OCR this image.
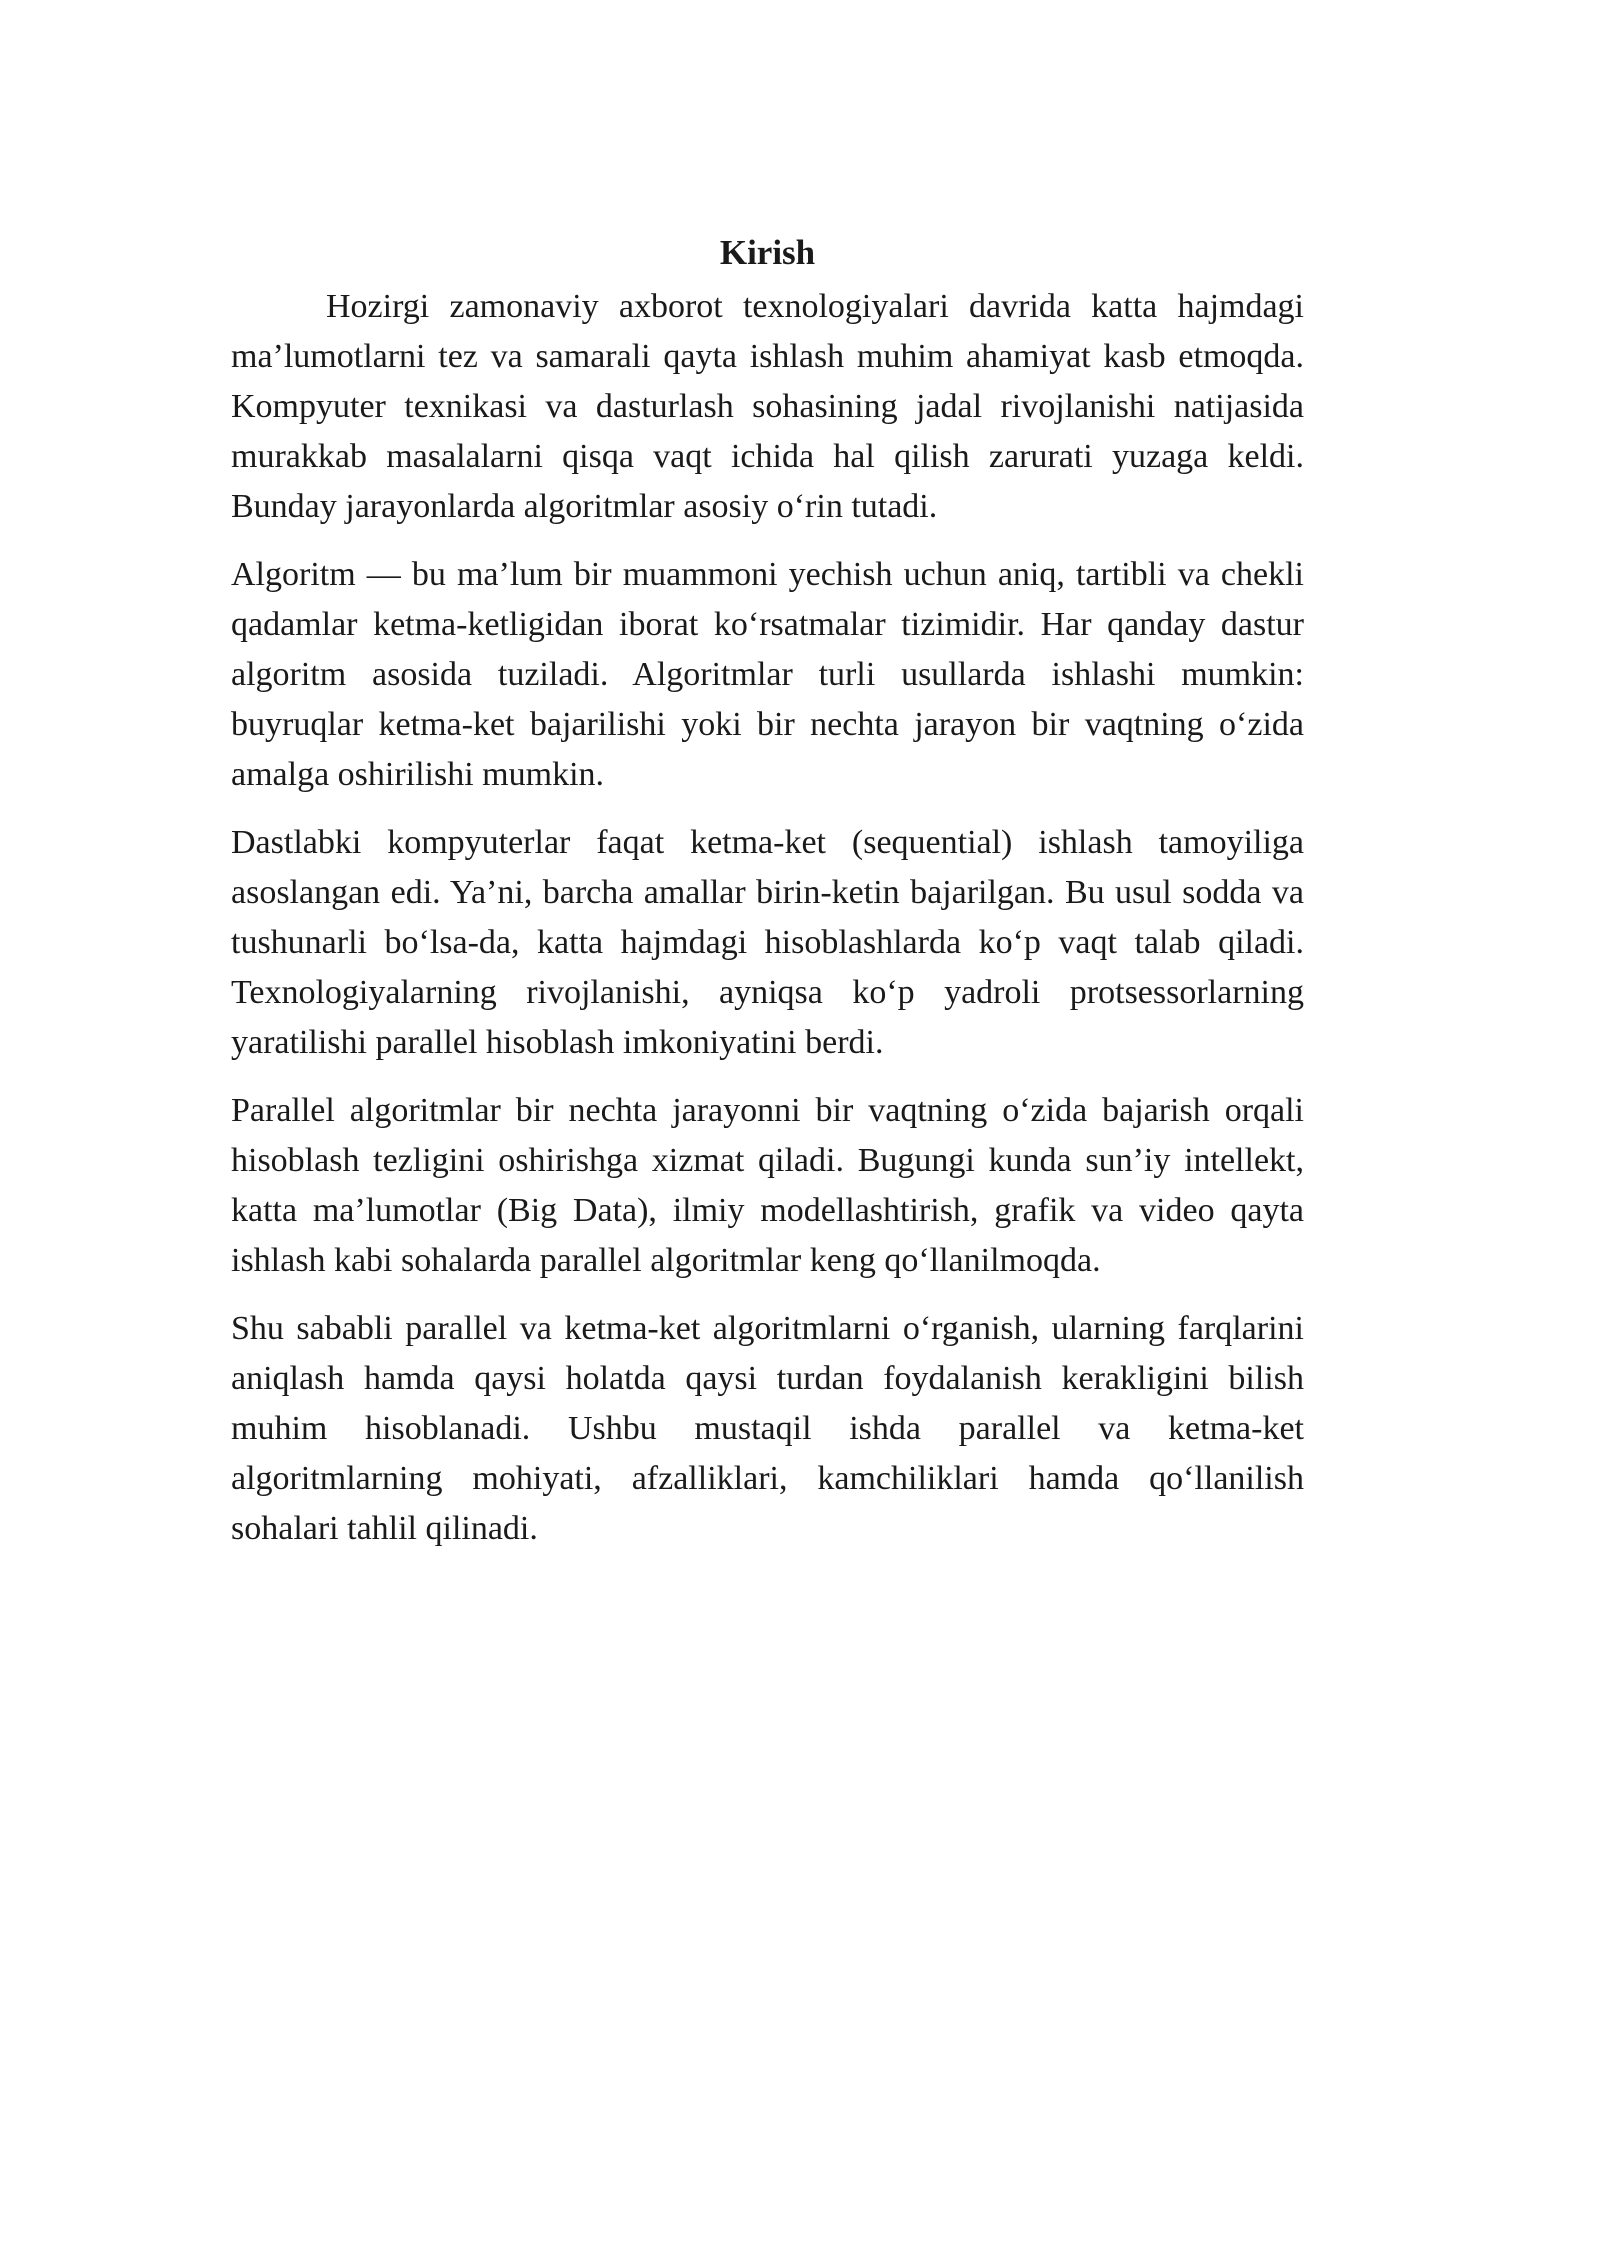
Kirish

Hozirgi zamonaviy axborot texnologiyalari davrida katta hajmdagi ma’lumotlarni tez va samarali qayta ishlash muhim ahamiyat kasb etmoqda. Kompyuter texnikasi va dasturlash sohasining jadal rivojlanishi natijasida murakkab masalalarni qisqa vaqt ichida hal qilish zarurati yuzaga keldi. Bunday jarayonlarda algoritmlar asosiy o‘rin tutadi.

Algoritm — bu ma’lum bir muammoni yechish uchun aniq, tartibli va chekli qadamlar ketma-ketligidan iborat ko‘rsatmalar tizimidir. Har qanday dastur algoritm asosida tuziladi. Algoritmlar turli usullarda ishlashi mumkin: buyruqlar ketma-ket bajarilishi yoki bir nechta jarayon bir vaqtning o‘zida amalga oshirilishi mumkin.

Dastlabki kompyuterlar faqat ketma-ket (sequential) ishlash tamoyiliga asoslangan edi. Ya’ni, barcha amallar birin-ketin bajarilgan. Bu usul sodda va tushunarli bo‘lsa-da, katta hajmdagi hisoblashlarda ko‘p vaqt talab qiladi. Texnologiyalarning rivojlanishi, ayniqsa ko‘p yadroli protsessorlarning yaratilishi parallel hisoblash imkoniyatini berdi.

Parallel algoritmlar bir nechta jarayonni bir vaqtning o‘zida bajarish orqali hisoblash tezligini oshirishga xizmat qiladi. Bugungi kunda sun’iy intellekt, katta ma’lumotlar (Big Data), ilmiy modellashtirish, grafik va video qayta ishlash kabi sohalarda parallel algoritmlar keng qo‘llanilmoqda.

Shu sababli parallel va ketma-ket algoritmlarni o‘rganish, ularning farqlarini aniqlash hamda qaysi holatda qaysi turdan foydalanish kerakligini bilish muhim hisoblanadi. Ushbu mustaqil ishda parallel va ketma-ket algoritmlarning mohiyati, afzalliklari, kamchiliklari hamda qo‘llanilish sohalari tahlil qilinadi.
